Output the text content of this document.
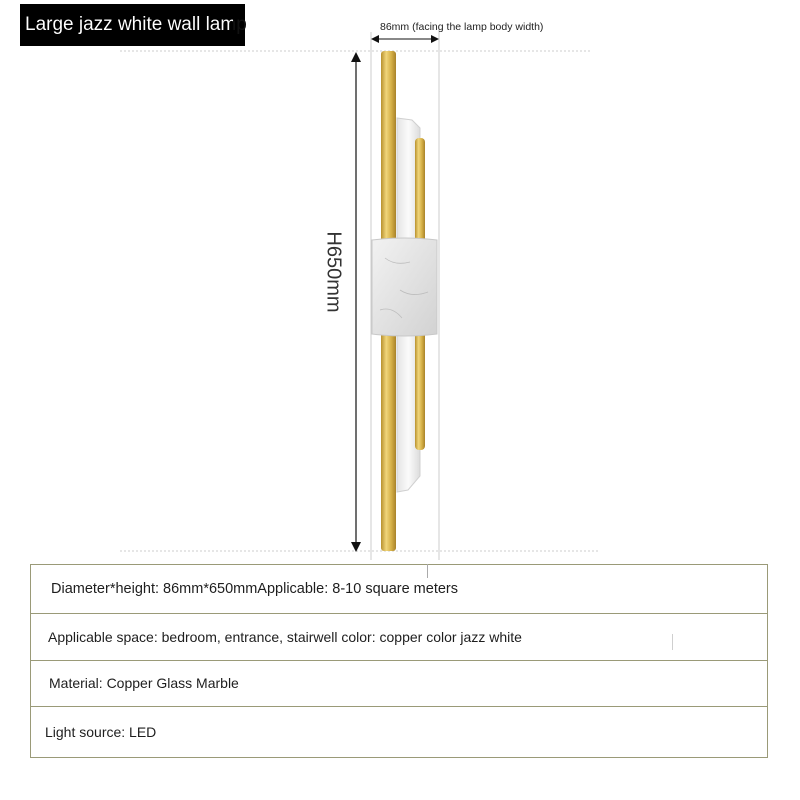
Large jazz white wall lamp	86mm (facing the lamp body width)
H650mm
Diameter*height: 86mm*650mmApplicable: 8-10 square meters
Applicable space: bedroom, entrance, stairwell color: copper color jazz white
Material: Copper Glass Marble
Light source: LED
